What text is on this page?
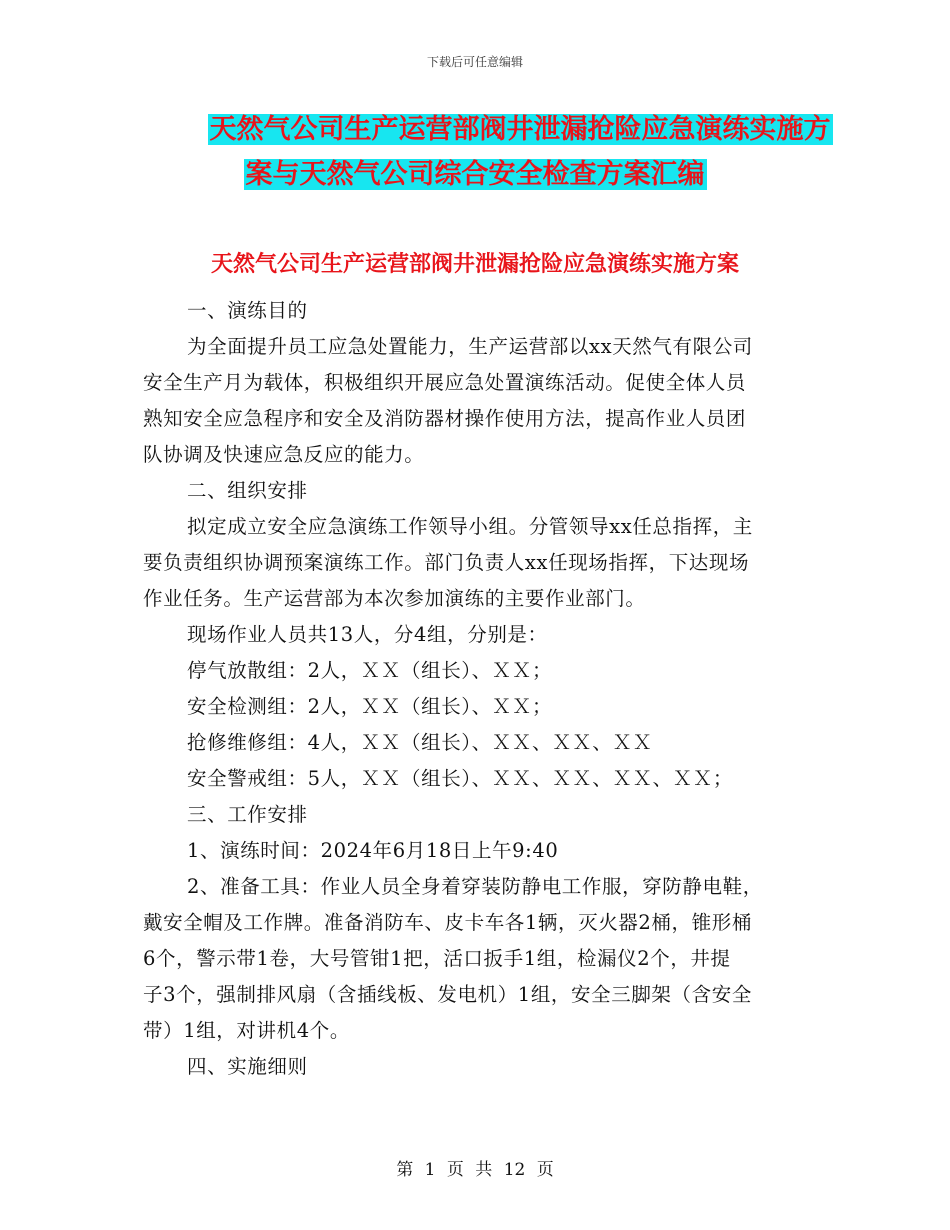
下载后可任意编辑
天然气公司生产运营部阀井泄漏抢险应急演练实施方
案与天然气公司综合安全检查方案汇编
天然气公司生产运营部阀井泄漏抢险应急演练实施方案
一、演练目的
为全面提升员工应急处置能力，生产运营部以xx天然气有限公司
安全生产月为载体，积极组织开展应急处置演练活动。促使全体人员
熟知安全应急程序和安全及消防器材操作使用方法，提高作业人员团
队协调及快速应急反应的能力。
二、组织安排
拟定成立安全应急演练工作领导小组。分管领导xx任总指挥，主
要负责组织协调预案演练工作。部门负责人xx任现场指挥，下达现场
作业任务。生产运营部为本次参加演练的主要作业部门。
现场作业人员共13人，分4组，分别是：
停气放散组：2人，ＸＸ（组长）、ＸＸ；
安全检测组：2人，ＸＸ（组长）、ＸＸ；
抢修维修组：4人，ＸＸ（组长）、ＸＸ、ＸＸ、ＸＸ
安全警戒组：5人，ＸＸ（组长）、ＸＸ、ＸＸ、ＸＸ、ＸＸ；
三、工作安排
1、演练时间：2024年6月18日上午9:40
2、准备工具：作业人员全身着穿装防静电工作服，穿防静电鞋，
戴安全帽及工作牌。准备消防车、皮卡车各1辆，灭火器2桶，锥形桶
6个，警示带1卷，大号管钳1把，活口扳手1组，检漏仪2个，井提
子3个，强制排风扇（含插线板、发电机）1组，安全三脚架（含安全
带）1组，对讲机4个。
四、实施细则
第 1 页 共 12 页
